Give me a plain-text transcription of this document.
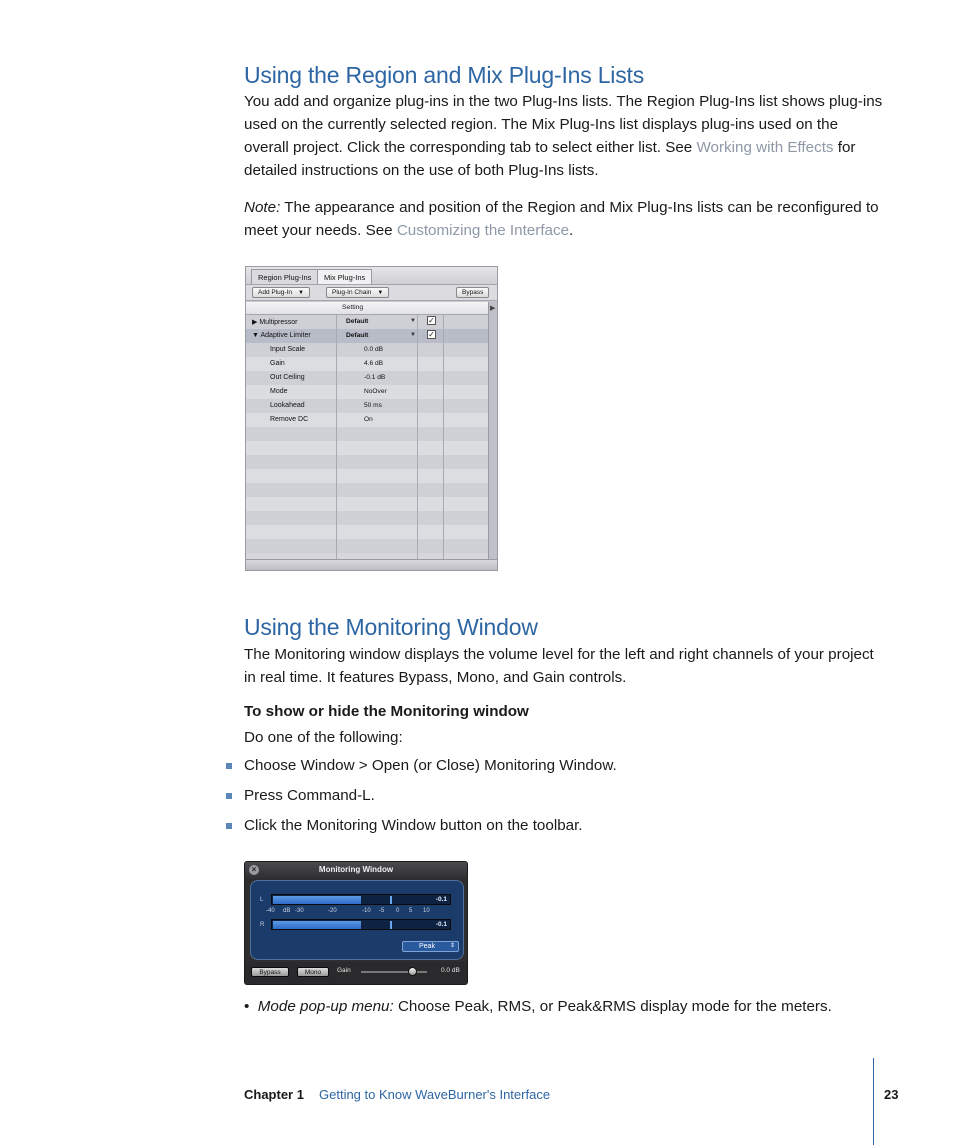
Using the Region and Mix Plug-Ins Lists

You add and organize plug-ins in the two Plug-Ins lists. The Region Plug-Ins list shows plug-ins used on the currently selected region. The Mix Plug-Ins list displays plug-ins used on the overall project. Click the corresponding tab to select either list. See Working with Effects for detailed instructions on the use of both Plug-Ins lists.

Note: The appearance and position of the Region and Mix Plug-Ins lists can be reconfigured to meet your needs. See Customizing the Interface.

Region Plug-Ins	Mix Plug-Ins
Add Plug-In ▼	Plug-In Chain ▼	Bypass
Setting
▶ Multipressor	Default	▼ ✓
▼ Adaptive Limiter	Default	▼ ✓
Input Scale	0.0 dB
Gain	4.6 dB
Out Ceiling	-0.1 dB
Mode	NoOver
Lookahead	50 ms
Remove DC	On
▶
Using the Monitoring Window

The Monitoring window displays the volume level for the left and right channels of your project in real time. It features Bypass, Mono, and Gain controls.

To show or hide the Monitoring window
Do one of the following:
Choose Window > Open (or Close) Monitoring Window.
Press Command-L.
Click the Monitoring Window button on the toolbar.
×	Monitoring Window
L	-0.1
-40 dB -30	-20	-10 -5 0 5 10
R	-0.1
Peak	⇕
Bypass	Mono	Gain	0.0 dB
• Mode pop-up menu: Choose Peak, RMS, or Peak&RMS display mode for the meters.
Chapter 1 Getting to Know WaveBurner's Interface	23
